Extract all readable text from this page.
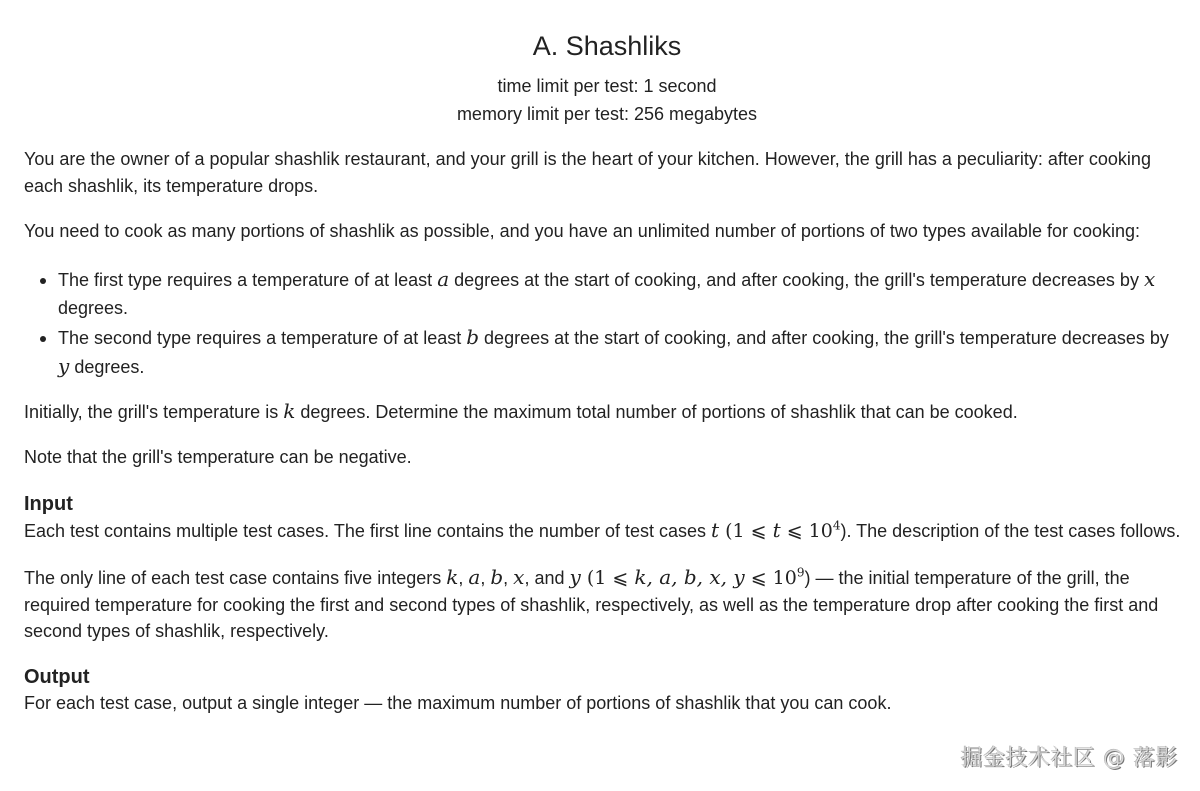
A. Shashliks
time limit per test: 1 second
memory limit per test: 256 megabytes

You are the owner of a popular shashlik restaurant, and your grill is the heart of your kitchen. However, the grill has a peculiarity: after cooking each shashlik, its temperature drops.

You need to cook as many portions of shashlik as possible, and you have an unlimited number of portions of two types available for cooking:

The first type requires a temperature of at least a degrees at the start of cooking, and after cooking, the grill's temperature decreases by x degrees.
The second type requires a temperature of at least b degrees at the start of cooking, and after cooking, the grill's temperature decreases by y degrees.

Initially, the grill's temperature is k degrees. Determine the maximum total number of portions of shashlik that can be cooked.

Note that the grill's temperature can be negative.

Input

Each test contains multiple test cases. The first line contains the number of test cases t (1 ⩽ t ⩽ $10^4$). The description of the test cases follows.

The only line of each test case contains five integers k, a, b, x, and y (1 ⩽ k, a, b, x, y ⩽ $10^9$) — the initial temperature of the grill, the required temperature for cooking the first and second types of shashlik, respectively, as well as the temperature drop after cooking the first and second types of shashlik, respectively.

Output

For each test case, output a single integer — the maximum number of portions of shashlik that you can cook.

掘金技术社区 @ 落影
